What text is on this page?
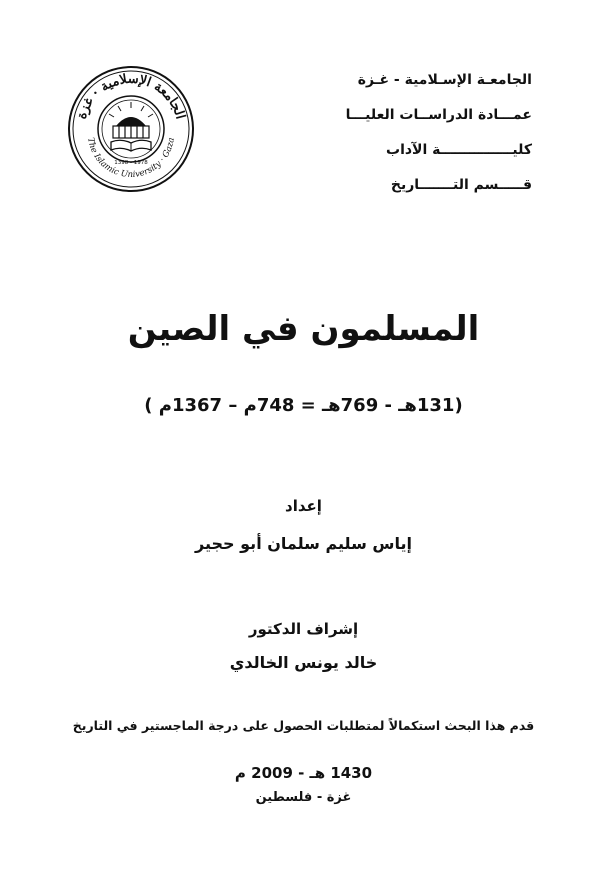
الجامعة الإسلامية · غزة
The Islamic University · Gaza
1398 - 1978
الجامعـة الإسـلامية - غـزة
عمـــادة الدراســات العليـــا
كليـــــــــــــــة الآداب
قـــــسم التـــــــاريخ
المسلمون في الصين
(131هـ - 769هـ = 748م – 1367م )
إعداد
إياس سليم سلمان أبو حجير
إشراف الدكتور
خالد يونس الخالدي
قدم هذا البحث استكمالاً لمتطلبات الحصول على درجة الماجستير في التاريخ
1430 هـ - 2009 م
غزة - فلسطين
